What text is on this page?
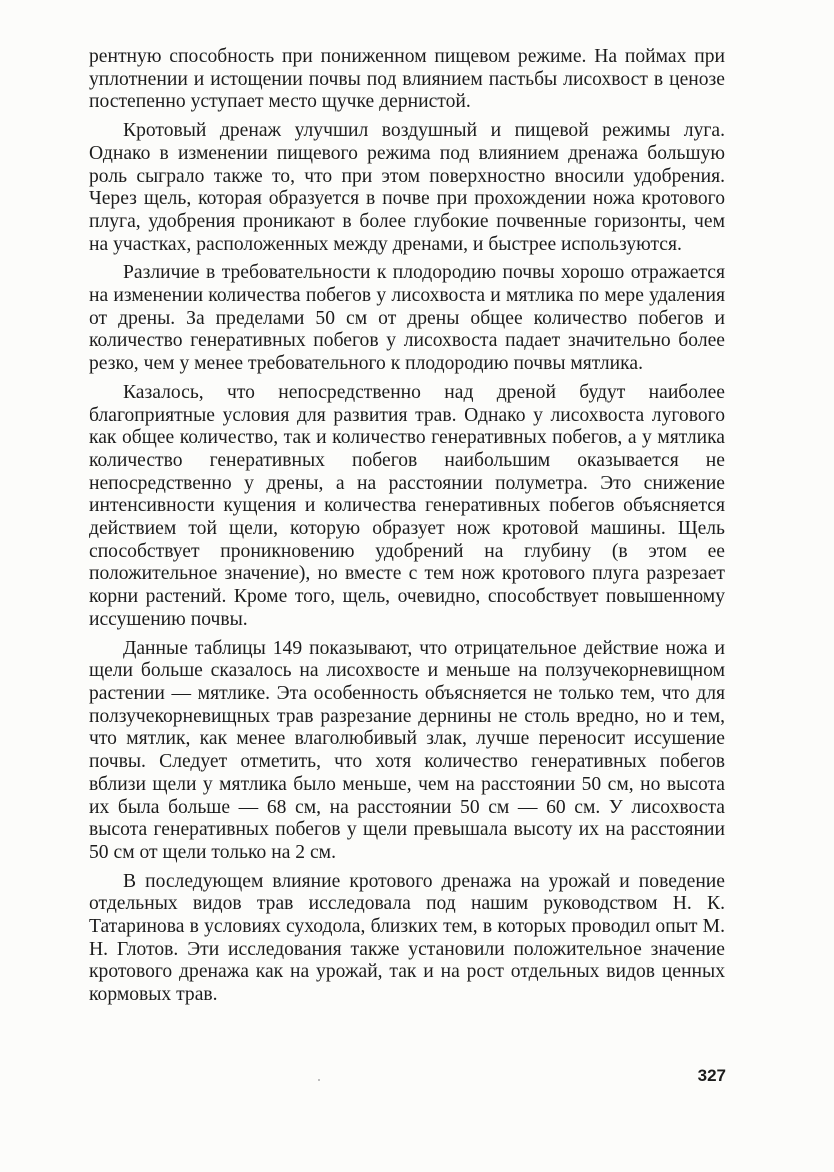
рентную способность при пониженном пищевом режиме. На поймах при уплотнении и истощении почвы под влиянием пастьбы лисохвост в ценозе постепенно уступает место щучке дернистой.

Кротовый дренаж улучшил воздушный и пищевой режимы луга. Однако в изменении пищевого режима под влиянием дренажа большую роль сыграло также то, что при этом поверхностно вносили удобрения. Через щель, которая образуется в почве при прохождении ножа кротового плуга, удобрения проникают в более глубокие почвенные горизонты, чем на участках, расположенных между дренами, и быстрее используются.

Различие в требовательности к плодородию почвы хорошо отражается на изменении количества побегов у лисохвоста и мятлика по мере удаления от дрены. За пределами 50 см от дрены общее количество побегов и количество генеративных побегов у лисохвоста падает значительно более резко, чем у менее требовательного к плодородию почвы мятлика.

Казалось, что непосредственно над дреной будут наиболее благоприятные условия для развития трав. Однако у лисохвоста лугового как общее количество, так и количество генеративных побегов, а у мятлика количество генеративных побегов наибольшим оказывается не непосредственно у дрены, а на расстоянии полуметра. Это снижение интенсивности кущения и количества генеративных побегов объясняется действием той щели, которую образует нож кротовой машины. Щель способствует проникновению удобрений на глубину (в этом ее положительное значение), но вместе с тем нож кротового плуга разрезает корни растений. Кроме того, щель, очевидно, способствует повышенному иссушению почвы.

Данные таблицы 149 показывают, что отрицательное действие ножа и щели больше сказалось на лисохвосте и меньше на ползучекорневищном растении — мятлике. Эта особенность объясняется не только тем, что для ползучекорневищных трав разрезание дернины не столь вредно, но и тем, что мятлик, как менее влаголюбивый злак, лучше переносит иссушение почвы. Следует отметить, что хотя количество генеративных побегов вблизи щели у мятлика было меньше, чем на расстоянии 50 см, но высота их была больше — 68 см, на расстоянии 50 см — 60 см. У лисохвоста высота генеративных побегов у щели превышала высоту их на расстоянии 50 см от щели только на 2 см.

В последующем влияние кротового дренажа на урожай и поведение отдельных видов трав исследовала под нашим руководством Н. К. Татаринова в условиях суходола, близких тем, в которых проводил опыт М. Н. Глотов. Эти исследования также установили положительное значение кротового дренажа как на урожай, так и на рост отдельных видов ценных кормовых трав.

327
